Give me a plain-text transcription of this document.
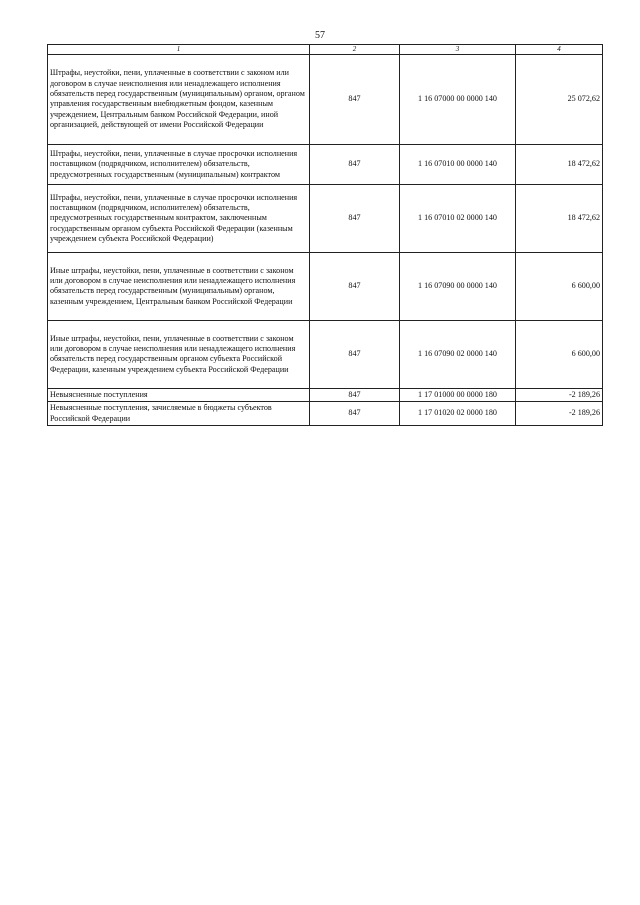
57
1	2	3	4
Штрафы, неустойки, пени, уплаченные в соответствии с законом или договором в случае неисполнения или ненадлежащего исполнения обязательств перед государственным (муниципальным) органом, органом управления государственным внебюджетным фондом, казенным учреждением, Центральным банком Российской Федерации, иной организацией, действующей от имени Российской Федерации	847	1 16 07000 00 0000 140	25 072,62
Штрафы, неустойки, пени, уплаченные в случае просрочки исполнения поставщиком (подрядчиком, исполнителем) обязательств, предусмотренных государственным (муниципальным) контрактом	847	1 16 07010 00 0000 140	18 472,62
Штрафы, неустойки, пени, уплаченные в случае просрочки исполнения поставщиком (подрядчиком, исполнителем) обязательств, предусмотренных государственным контрактом, заключенным государственным органом субъекта Российской Федерации (казенным учреждением субъекта Российской Федерации)	847	1 16 07010 02 0000 140	18 472,62
Иные штрафы, неустойки, пени, уплаченные в соответствии с законом или договором в случае неисполнения или ненадлежащего исполнения обязательств перед государственным (муниципальным) органом, казенным учреждением, Центральным банком Российской Федерации	847	1 16 07090 00 0000 140	6 600,00
Иные штрафы, неустойки, пени, уплаченные в соответствии с законом или договором в случае неисполнения или ненадлежащего исполнения обязательств перед государственным органом субъекта Российской Федерации, казенным учреждением субъекта Российской Федерации	847	1 16 07090 02 0000 140	6 600,00
Невыясненные поступления	847	1 17 01000 00 0000 180	-2 189,26
Невыясненные поступления, зачисляемые в бюджеты субъектов Российской Федерации	847	1 17 01020 02 0000 180	-2 189,26
